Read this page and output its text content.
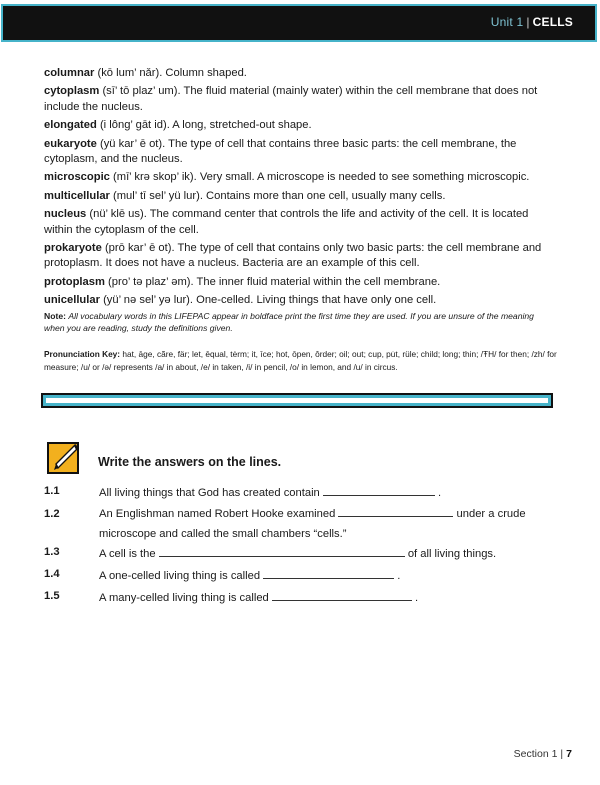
Unit 1 | CELLS
columnar (kō lum’ nǎr). Column shaped.
cytoplasm (sī’ tō plaz’ um). The fluid material (mainly water) within the cell membrane that does not include the nucleus.
elongated (i lông’ gāt id). A long, stretched-out shape.
eukaryote (yü kar’ ē ot). The type of cell that contains three basic parts: the cell membrane, the cytoplasm, and the nucleus.
microscopic (mī’ krə skop’ ik). Very small. A microscope is needed to see something microscopic.
multicellular (mul’ tī sel’ yü lur). Contains more than one cell, usually many cells.
nucleus (nü’ klē us). The command center that controls the life and activity of the cell. It is located within the cytoplasm of the cell.
prokaryote (prō kar’ ē ot). The type of cell that contains only two basic parts: the cell membrane and protoplasm. It does not have a nucleus. Bacteria are an example of this cell.
protoplasm (pro’ tə plaz’ əm). The inner fluid material within the cell membrane.
unicellular (yü’ nə sel’ yə lur). One-celled. Living things that have only one cell.
Note: All vocabulary words in this LIFEPAC appear in boldface print the first time they are used. If you are unsure of the meaning when you are reading, study the definitions given.
Pronunciation Key: hat, āge, cãre, fär; let, ēqual, tėrm; it, īce; hot, ōpen, ôrder; oil; out; cup, pu̇t, rüle; child; long; thin; /ŦH/ for then; /zh/ for measure; /u/ or /ə/ represents /a/ in about, /e/ in taken, /i/ in pencil, /o/ in lemon, and /u/ in circus.
Write the answers on the lines.
1.1	All living things that God has created contain	.
1.2	An Englishman named Robert Hooke examined	under a crude microscope and called the small chambers “cells.”
1.3	A cell is the	of all living things.
1.4	A one-celled living thing is called	.
1.5	A many-celled living thing is called	.
Section 1 | 7
